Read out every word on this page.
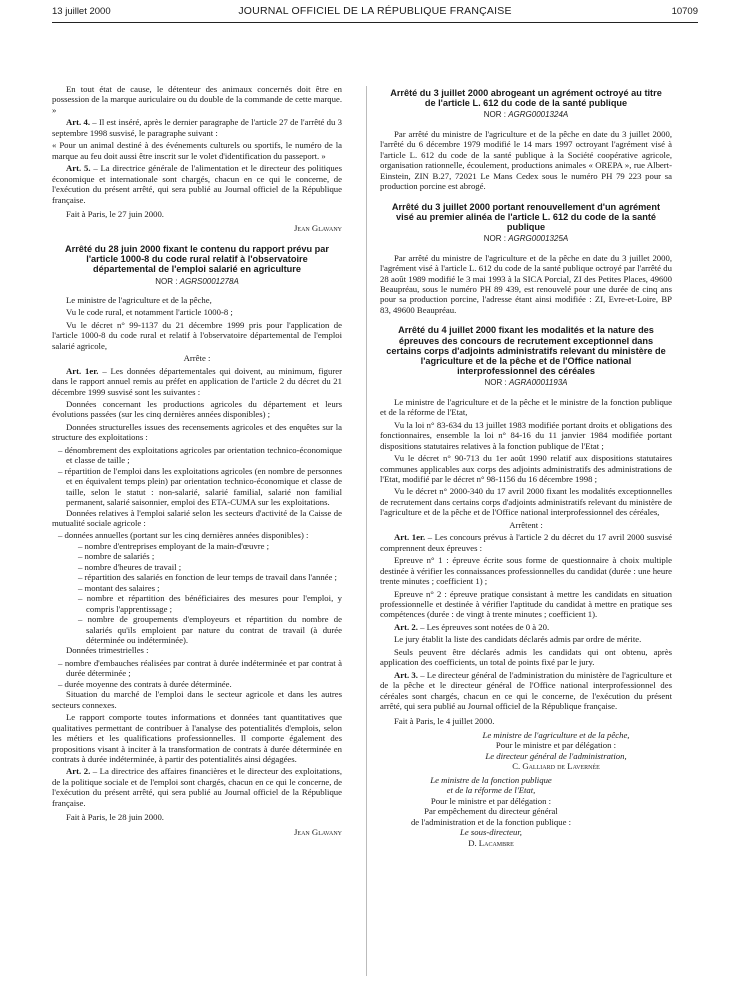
13 juillet 2000	JOURNAL OFFICIEL DE LA RÉPUBLIQUE FRANÇAISE	10709

En tout état de cause, le détenteur des animaux concernés doit être en possession de la marque auriculaire ou du double de la commande de cette marque. »

Art. 4. – Il est inséré, après le dernier paragraphe de l'article 27 de l'arrêté du 3 septembre 1998 susvisé, le paragraphe suivant :

« Pour un animal destiné à des événements culturels ou sportifs, le numéro de la marque au feu doit aussi être inscrit sur le volet d'identification du passeport. »

Art. 5. – La directrice générale de l'alimentation et le directeur des politiques économique et internationale sont chargés, chacun en ce qui le concerne, de l'exécution du présent arrêté, qui sera publié au Journal officiel de la République française.

Fait à Paris, le 27 juin 2000.

Jean Glavany
Arrêté du 28 juin 2000 fixant le contenu du rapport prévu par l'article 1000-8 du code rural relatif à l'observatoire départemental de l'emploi salarié en agriculture
NOR : AGRS0001278A

Le ministre de l'agriculture et de la pêche,

Vu le code rural, et notamment l'article 1000-8 ;

Vu le décret n° 99-1137 du 21 décembre 1999 pris pour l'application de l'article 1000-8 du code rural et relatif à l'observatoire départemental de l'emploi salarié agricole,

Arrête :

Art. 1er. – Les données départementales qui doivent, au minimum, figurer dans le rapport annuel remis au préfet en application de l'article 2 du décret du 21 décembre 1999 susvisé sont les suivantes :

Données concernant les productions agricoles du département et leurs évolutions passées (sur les cinq dernières années disponibles) ;

Données structurelles issues des recensements agricoles et des enquêtes sur la structure des exploitations :

– dénombrement des exploitations agricoles par orientation technico-économique et classe de taille ;
– répartition de l'emploi dans les exploitations agricoles (en nombre de personnes et en équivalent temps plein) par orientation technico-économique et classe de taille, selon le statut : non-salarié, salarié familial, salarié non familial permanent, salarié saisonnier, emploi des ETA-CUMA sur les exploitations.

Données relatives à l'emploi salarié selon les secteurs d'activité de la Caisse de mutualité sociale agricole :

– données annuelles (portant sur les cinq dernières années disponibles) :
– nombre d'entreprises employant de la main-d'œuvre ;
– nombre de salariés ;
– nombre d'heures de travail ;
– répartition des salariés en fonction de leur temps de travail dans l'année ;
– montant des salaires ;
– nombre et répartition des bénéficiaires des mesures pour l'emploi, y compris l'apprentissage ;
– nombre de groupements d'employeurs et répartition du nombre de salariés qu'ils emploient par nature du contrat de travail (à durée déterminée ou indéterminée).

Données trimestrielles :

– nombre d'embauches réalisées par contrat à durée indéterminée et par contrat à durée déterminée ;
– durée moyenne des contrats à durée déterminée.

Situation du marché de l'emploi dans le secteur agricole et dans les autres secteurs connexes.

Le rapport comporte toutes informations et données tant quantitatives que qualitatives permettant de contribuer à l'analyse des potentialités d'emplois, selon les métiers et les qualifications professionnelles. Il comporte également des propositions visant à inciter à la transformation de contrats à durée déterminée en contrats à durée indéterminée, à partir des potentialités ainsi dégagées.

Art. 2. – La directrice des affaires financières et le directeur des exploitations, de la politique sociale et de l'emploi sont chargés, chacun en ce qui le concerne, de l'exécution du présent arrêté, qui sera publié au Journal officiel de la République française.

Fait à Paris, le 28 juin 2000.

Jean Glavany
Arrêté du 3 juillet 2000 abrogeant un agrément octroyé au titre de l'article L. 612 du code de la santé publique
NOR : AGRG0001324A

Par arrêté du ministre de l'agriculture et de la pêche en date du 3 juillet 2000, l'arrêté du 6 décembre 1979 modifié le 14 mars 1997 octroyant l'agrément visé à l'article L. 612 du code de la santé publique à la Société coopérative agricole, organisation rationnelle, écoulement, productions animales « OREPA », rue Albert-Einstein, ZIN B.27, 72021 Le Mans Cedex sous le numéro PH 79 223 pour sa production porcine est abrogé.

Arrêté du 3 juillet 2000 portant renouvellement d'un agrément visé au premier alinéa de l'article L. 612 du code de la santé publique
NOR : AGRG0001325A

Par arrêté du ministre de l'agriculture et de la pêche en date du 3 juillet 2000, l'agrément visé à l'article L. 612 du code de la santé publique octroyé par l'arrêté du 28 août 1989 modifié le 3 mai 1993 à la SICA Porcial, ZI des Petites Places, 49600 Beaupréau, sous le numéro PH 89 439, est renouvelé pour une durée de cinq ans pour sa production porcine, l'adresse étant ainsi modifiée : ZI, Evre-et-Loire, BP 83, 49600 Beaupréau.

Arrêté du 4 juillet 2000 fixant les modalités et la nature des épreuves des concours de recrutement exceptionnel dans certains corps d'adjoints administratifs relevant du ministère de l'agriculture et de la pêche et de l'Office national interprofessionnel des céréales
NOR : AGRA0001193A

Le ministre de l'agriculture et de la pêche et le ministre de la fonction publique et de la réforme de l'Etat,

Vu la loi n° 83-634 du 13 juillet 1983 modifiée portant droits et obligations des fonctionnaires, ensemble la loi n° 84-16 du 11 janvier 1984 modifiée portant dispositions statutaires relatives à la fonction publique de l'Etat ;

Vu le décret n° 90-713 du 1er août 1990 relatif aux dispositions statutaires communes applicables aux corps des adjoints administratifs des administrations de l'Etat, modifié par le décret n° 98-1156 du 16 décembre 1998 ;

Vu le décret n° 2000-340 du 17 avril 2000 fixant les modalités exceptionnelles de recrutement dans certains corps d'adjoints administratifs relevant du ministère de l'agriculture et de la pêche et de l'Office national interprofessionnel des céréales,

Arrêtent :

Art. 1er. – Les concours prévus à l'article 2 du décret du 17 avril 2000 susvisé comprennent deux épreuves :

Epreuve n° 1 : épreuve écrite sous forme de questionnaire à choix multiple destinée à vérifier les connaissances professionnelles du candidat (durée : une heure trente minutes ; coefficient 1) ;

Epreuve n° 2 : épreuve pratique consistant à mettre les candidats en situation professionnelle et destinée à vérifier l'aptitude du candidat à mettre en pratique ses compétences (durée : de vingt à trente minutes ; coefficient 1).

Art. 2. – Les épreuves sont notées de 0 à 20.

Le jury établit la liste des candidats déclarés admis par ordre de mérite.

Seuls peuvent être déclarés admis les candidats qui ont obtenu, après application des coefficients, un total de points fixé par le jury.

Art. 3. – Le directeur général de l'administration du ministère de l'agriculture et de la pêche et le directeur général de l'Office national interprofessionnel des céréales sont chargés, chacun en ce qui le concerne, de l'exécution du présent arrêté, qui sera publié au Journal officiel de la République française.

Fait à Paris, le 4 juillet 2000.

Le ministre de l'agriculture et de la pêche,
Pour le ministre et par délégation :
Le directeur général de l'administration,
C. Galliard de Lavernée
Le ministre de la fonction publique
et de la réforme de l'Etat,
Pour le ministre et par délégation :
Par empêchement du directeur général
de l'administration et de la fonction publique :
Le sous-directeur,
D. Lacambre
